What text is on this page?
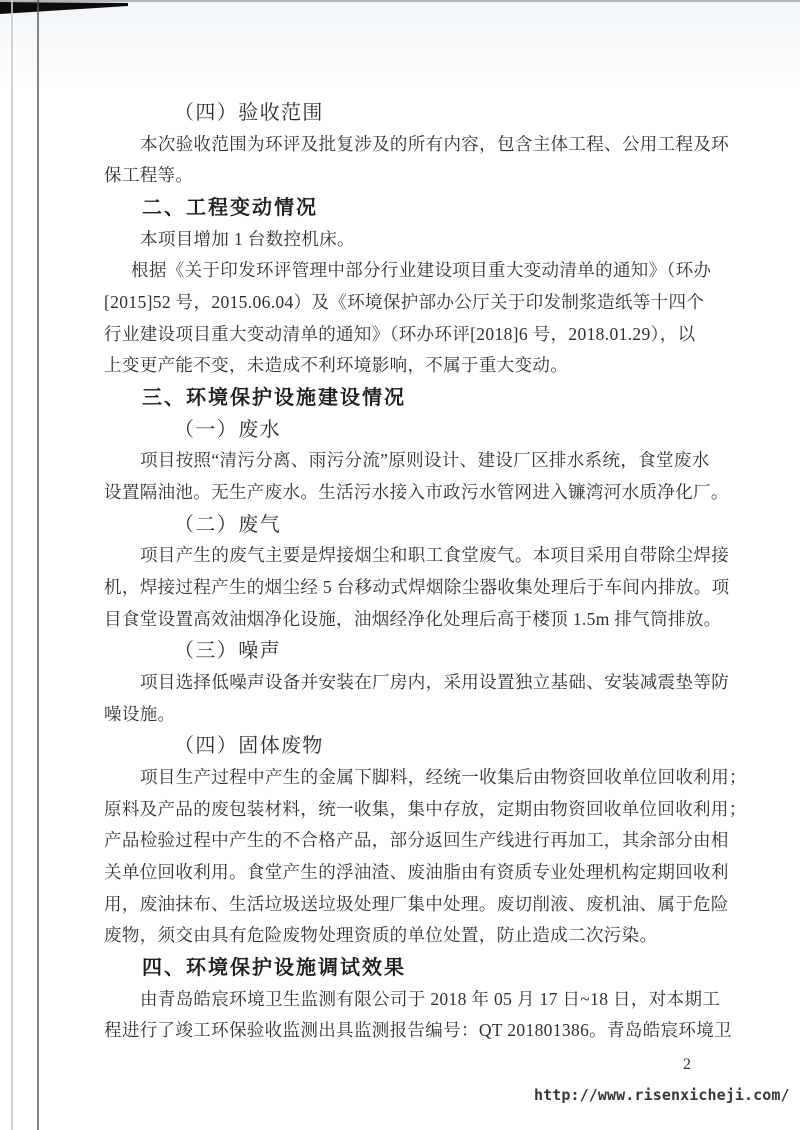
（四）验收范围
本次验收范围为环评及批复涉及的所有内容，包含主体工程、公用工程及环
保工程等。
二、工程变动情况
本项目增加 1 台数控机床。
根据《关于印发环评管理中部分行业建设项目重大变动清单的通知》（环办
[2015]52 号，2015.06.04）及《环境保护部办公厅关于印发制浆造纸等十四个
行业建设项目重大变动清单的通知》（环办环评[2018]6 号，2018.01.29），以
上变更产能不变，未造成不利环境影响，不属于重大变动。
三、环境保护设施建设情况
（一）废水
项目按照“清污分离、雨污分流”原则设计、建设厂区排水系统，食堂废水
设置隔油池。无生产废水。生活污水接入市政污水管网进入镰湾河水质净化厂。
（二）废气
项目产生的废气主要是焊接烟尘和职工食堂废气。本项目采用自带除尘焊接
机，焊接过程产生的烟尘经 5 台移动式焊烟除尘器收集处理后于车间内排放。项
目食堂设置高效油烟净化设施，油烟经净化处理后高于楼顶 1.5m 排气筒排放。
（三）噪声
项目选择低噪声设备并安装在厂房内，采用设置独立基础、安装减震垫等防
噪设施。
（四）固体废物
项目生产过程中产生的金属下脚料，经统一收集后由物资回收单位回收利用；
原料及产品的废包装材料，统一收集，集中存放，定期由物资回收单位回收利用；
产品检验过程中产生的不合格产品，部分返回生产线进行再加工，其余部分由相
关单位回收利用。食堂产生的浮油渣、废油脂由有资质专业处理机构定期回收利
用，废油抹布、生活垃圾送垃圾处理厂集中处理。废切削液、废机油、属于危险
废物，须交由具有危险废物处理资质的单位处置，防止造成二次污染。
四、环境保护设施调试效果
由青岛皓宸环境卫生监测有限公司于 2018 年 05 月 17 日~18 日，对本期工
程进行了竣工环保验收监测出具监测报告编号：QT 201801386。青岛皓宸环境卫
2
http://www.risenxicheji.com/
